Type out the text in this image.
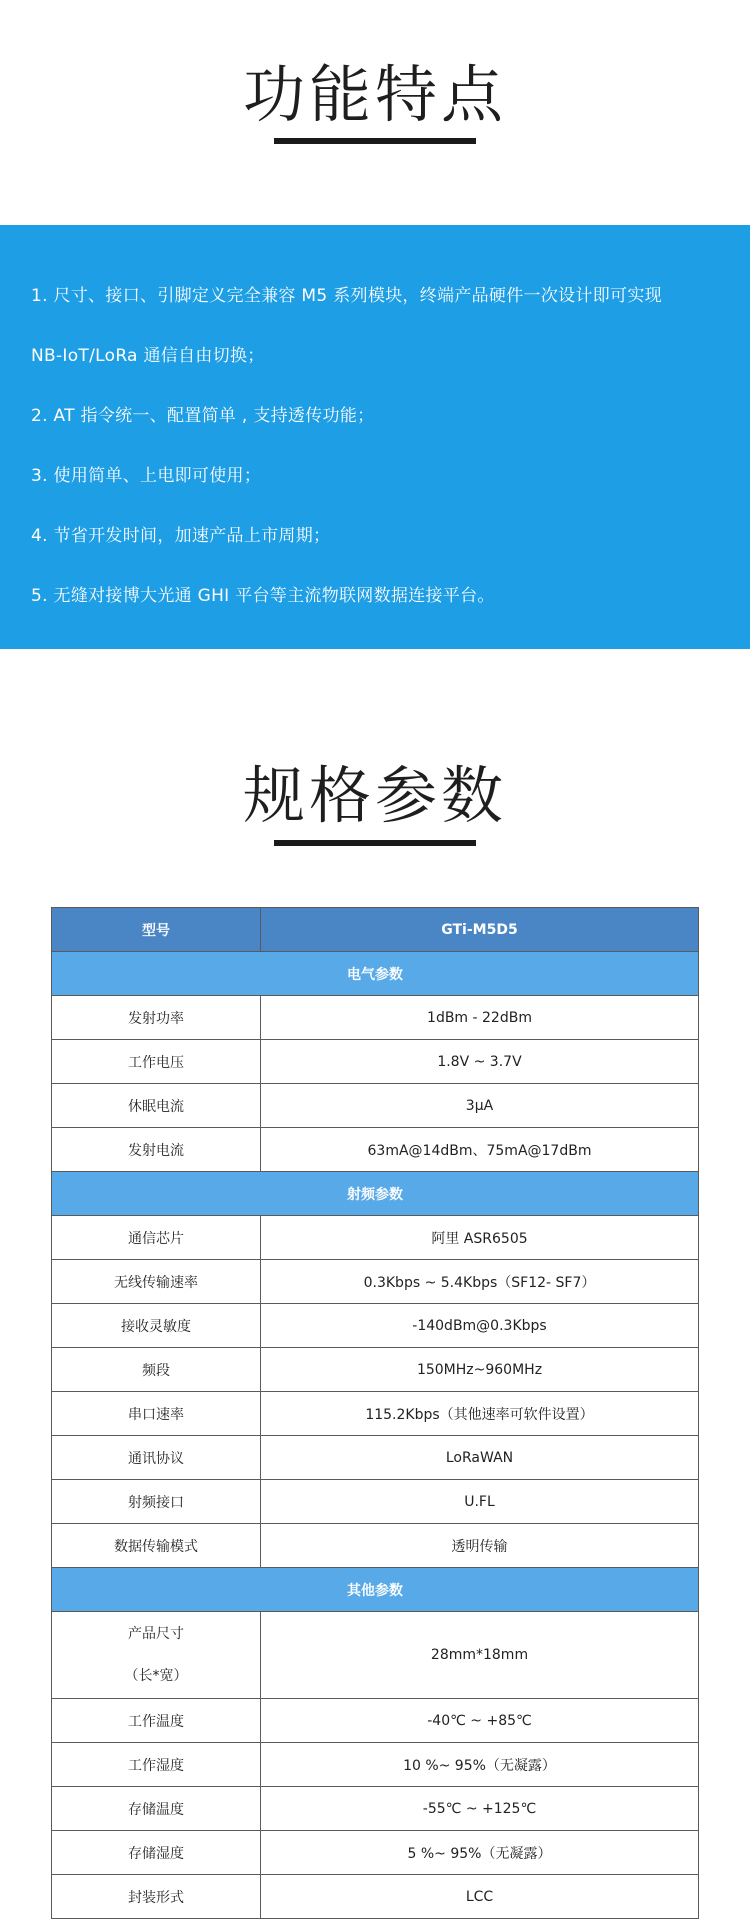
功能特点
1. 尺寸、接口、引脚定义完全兼容 M5 系列模块，终端产品硬件一次设计即可实现
NB-IoT/LoRa 通信自由切换；
2. AT 指令统一、配置简单 , 支持透传功能；
3. 使用简单、上电即可使用；
4. 节省开发时间，加速产品上市周期；
5. 无缝对接博大光通 GHI 平台等主流物联网数据连接平台。
规格参数
型号	GTi-M5D5
电气参数	
发射功率	1dBm - 22dBm
工作电压	1.8V ~ 3.7V
休眠电流	3μA
发射电流	63mA@14dBm、75mA@17dBm
射频参数	
通信芯片	阿里 ASR6505
无线传输速率	0.3Kbps ~ 5.4Kbps（SF12- SF7）
接收灵敏度	-140dBm@0.3Kbps
频段	150MHz~960MHz
串口速率	115.2Kbps（其他速率可软件设置）
通讯协议	LoRaWAN
射频接口	U.FL
数据传输模式	透明传输
其他参数	

产品尺寸
（长*宽）	28mm*18mm
工作温度	-40℃ ~ +85℃
工作湿度	10 %~ 95%（无凝露）
存储温度	-55℃ ~ +125℃
存储湿度	5 %~ 95%（无凝露）
封装形式	LCC
